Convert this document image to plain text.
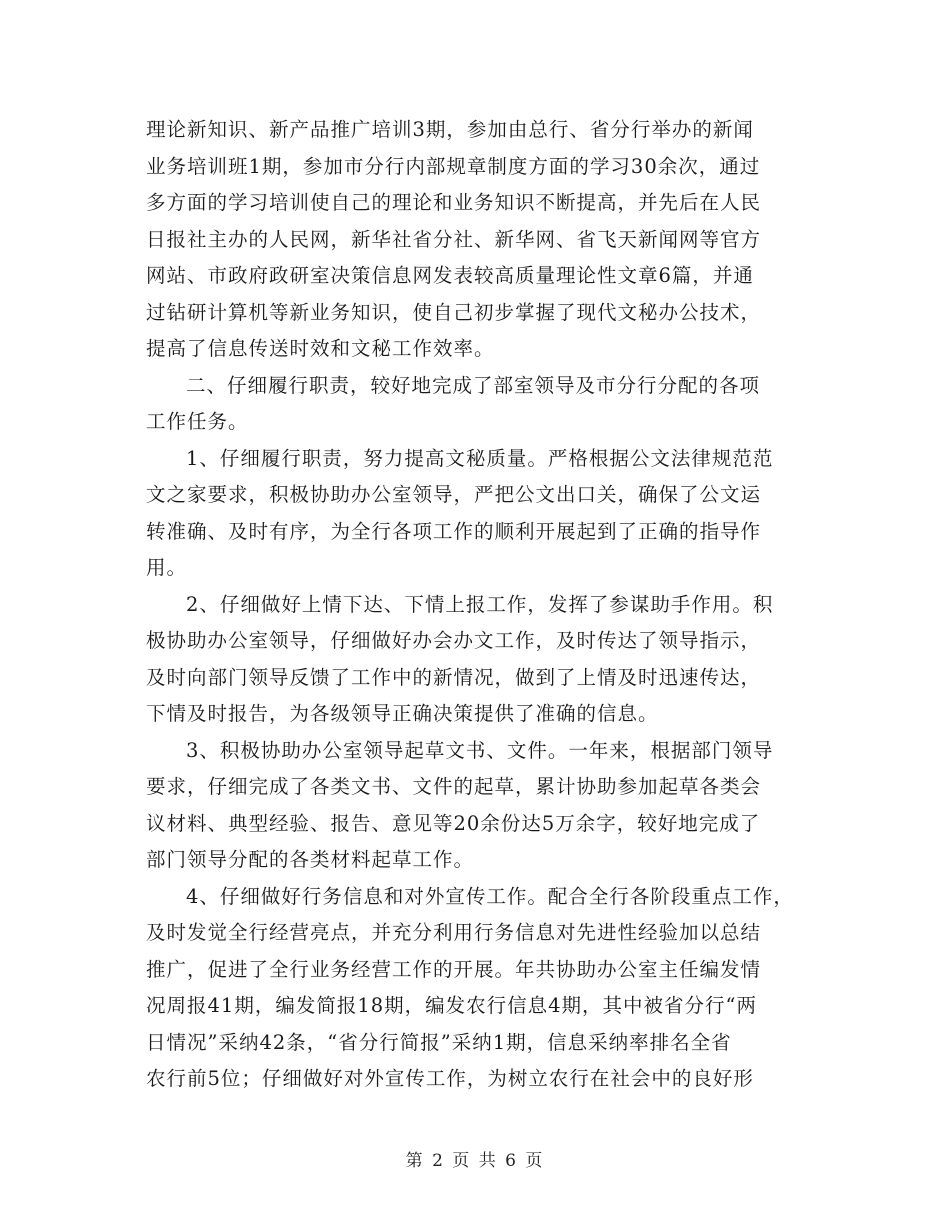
理论新知识、新产品推广培训3期，参加由总行、省分行举办的新闻
业务培训班1期，参加市分行内部规章制度方面的学习30余次，通过
多方面的学习培训使自己的理论和业务知识不断提高，并先后在人民
日报社主办的人民网，新华社省分社、新华网、省飞天新闻网等官方
网站、市政府政研室决策信息网发表较高质量理论性文章6篇，并通
过钻研计算机等新业务知识，使自己初步掌握了现代文秘办公技术，
提高了信息传送时效和文秘工作效率。
二、仔细履行职责，较好地完成了部室领导及市分行分配的各项
工作任务。
1、仔细履行职责，努力提高文秘质量。严格根据公文法律规范范
文之家要求，积极协助办公室领导，严把公文出口关，确保了公文运
转准确、及时有序，为全行各项工作的顺利开展起到了正确的指导作
用。
2、仔细做好上情下达、下情上报工作，发挥了参谋助手作用。积
极协助办公室领导，仔细做好办会办文工作，及时传达了领导指示，
及时向部门领导反馈了工作中的新情况，做到了上情及时迅速传达，
下情及时报告，为各级领导正确决策提供了准确的信息。
3、积极协助办公室领导起草文书、文件。一年来，根据部门领导
要求，仔细完成了各类文书、文件的起草，累计协助参加起草各类会
议材料、典型经验、报告、意见等20余份达5万余字，较好地完成了
部门领导分配的各类材料起草工作。
4、仔细做好行务信息和对外宣传工作。配合全行各阶段重点工作，
及时发觉全行经营亮点，并充分利用行务信息对先进性经验加以总结
推广，促进了全行业务经营工作的开展。年共协助办公室主任编发情
况周报41期，编发简报18期，编发农行信息4期，其中被省分行“两
日情况”采纳42条，“省分行简报”采纳1期，信息采纳率排名全省
农行前5位；仔细做好对外宣传工作，为树立农行在社会中的良好形
第 2 页 共 6 页
